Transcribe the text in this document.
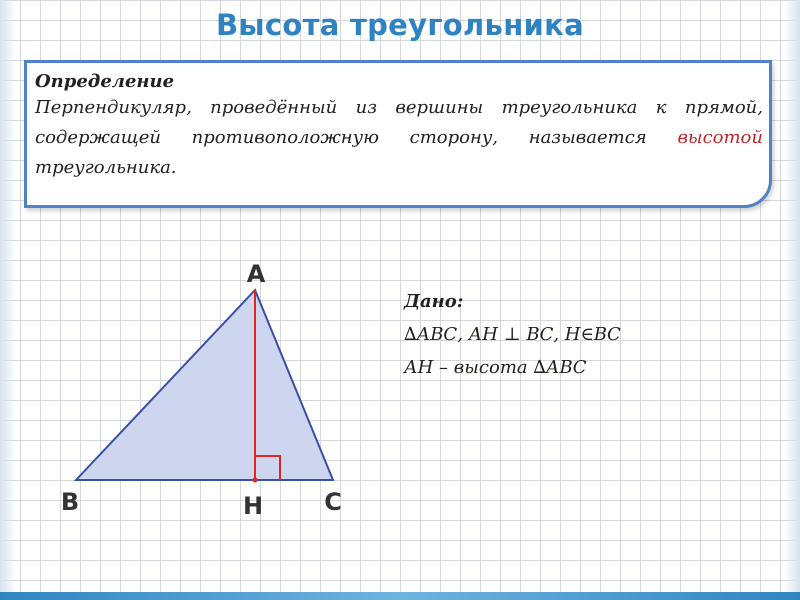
Высота треугольника
Определение
Перпендикуляр, проведённый из вершины треугольника к прямой, содержащей противоположную сторону, называется высотой треугольника.
А
В	С
Н
Дано:
∆АВС, АН ⊥ ВС, Н∈ВС
АН – высота ∆АВС
